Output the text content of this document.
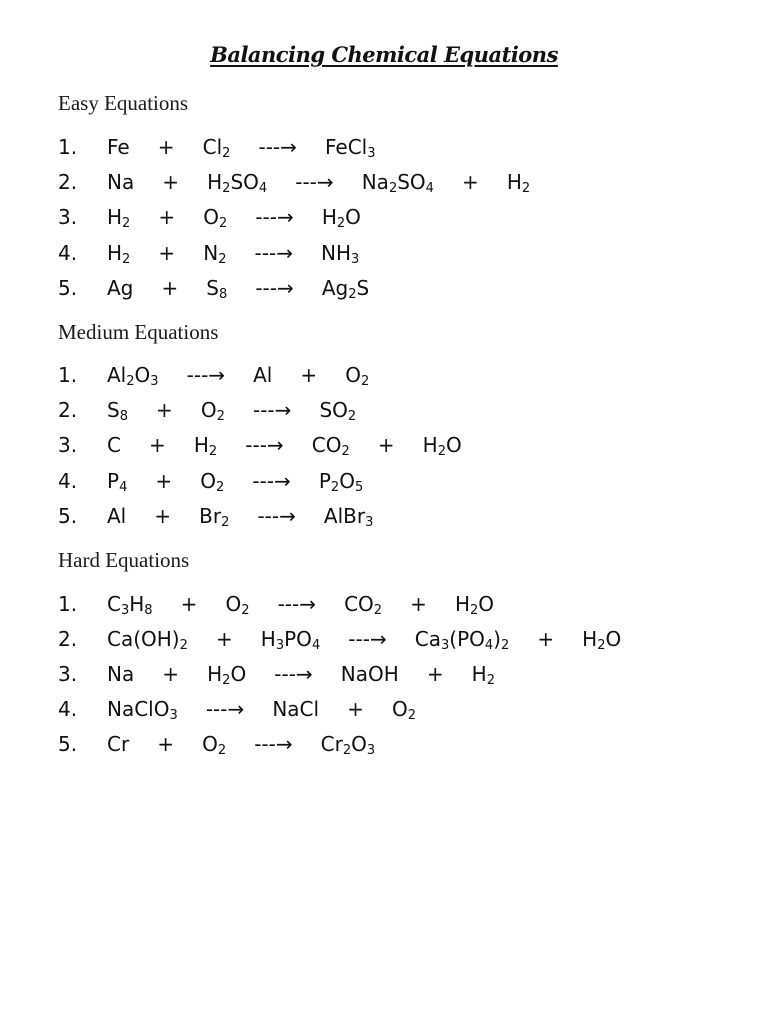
Balancing Chemical Equations
Easy Equations
1. $Fe + Cl_2$   ---→   FeCl$_3$
2. $Na + H_2SO_4$   ---→   $Na_2SO_4 + H_2$
3. $H_2 + O_2$   ---→   $H_2O$
4. $H_2 + N_2$   ---→   $NH_3$
5. $Ag + S_8$   ---→   $Ag_2S$
Medium Equations
1. $Al_2O_3$   ---→   $Al + O_2$
2. $S_8 + O_2$   ---→   $SO_2$
3. $C + H_2$   ---→   $CO_2 + H_2O$
4. $P_4 + O_2$   ---→   $P_2O_5$
5. $Al + Br_2$   ---→   AlBr$_3$
Hard Equations
1. $C_3H_8 + O_2$   ---→   $CO_2 + H_2O$
2. $Ca(OH)_2 + H_3PO_4$   ---→   $Ca_3(PO_4)_2 + H_2O$
3. $Na + H_2O$   ---→   NaOH   +   $H_2$
4. NaClO$_3$   ---→   NaCl   +   $O_2$
5. $Cr + O_2$   ---→   $Cr_2O_3$
